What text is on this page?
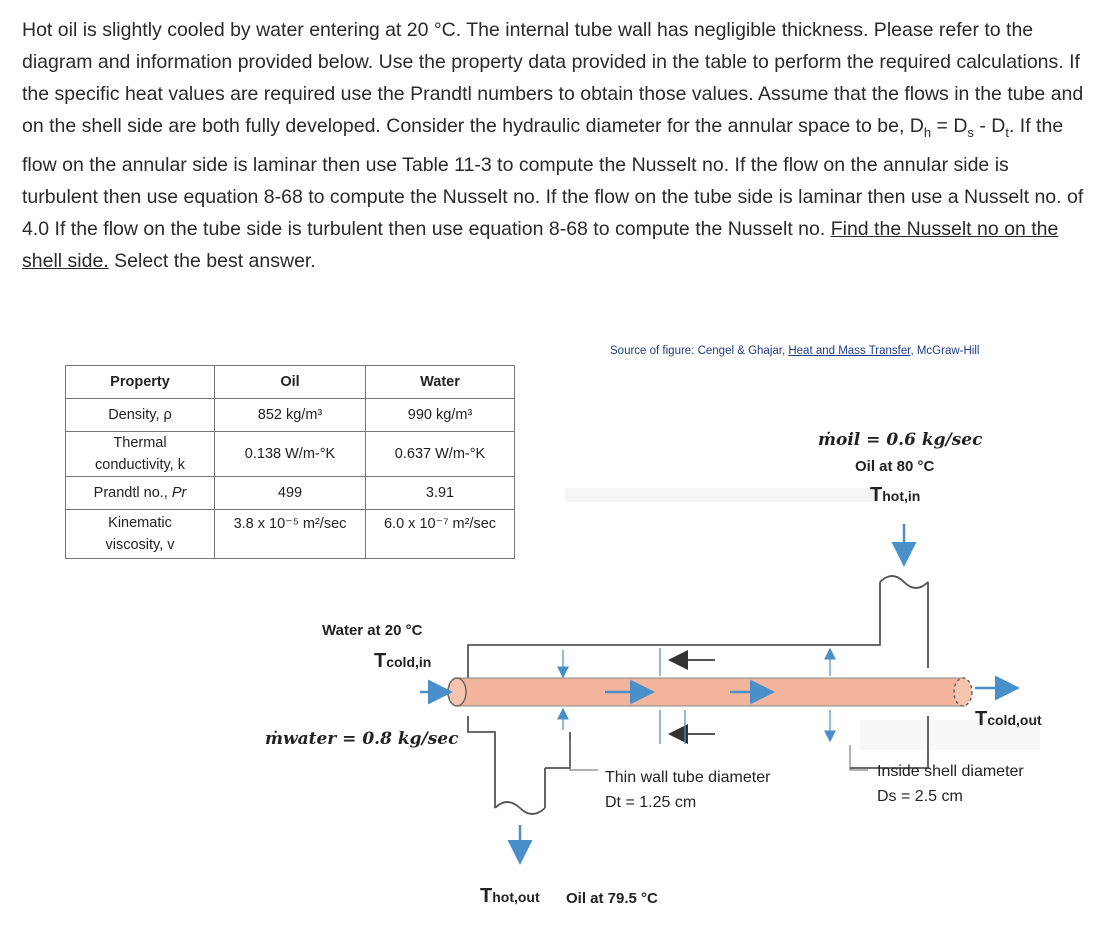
Hot oil is slightly cooled by water entering at 20 °C. The internal tube wall has negligible thickness. Please refer to the diagram and information provided below. Use the property data provided in the table to perform the required calculations. If the specific heat values are required use the Prandtl numbers to obtain those values. Assume that the flows in the tube and on the shell side are both fully developed. Consider the hydraulic diameter for the annular space to be, $D_h = D_s - D_t$. If the flow on the annular side is laminar then use Table 11-3 to compute the Nusselt no. If the flow on the annular side is turbulent then use equation 8-68 to compute the Nusselt no. If the flow on the tube side is laminar then use a Nusselt no. of 4.0 If the flow on the tube side is turbulent then use equation 8-68 to compute the Nusselt no. Find the Nusselt no on the shell side. Select the best answer.
Source of figure: Cengel & Ghajar, Heat and Mass Transfer, McGraw-Hill
Property	Oil	Water
Density, ρ	852 kg/m³	990 kg/m³
Thermal
conductivity, k	0.138 W/m-°K	0.637 W/m-°K
Prandtl no., Pr	499	3.91
Kinematic
viscosity, v	3.8 x 10⁻⁵ m²/sec	6.0 x 10⁻⁷ m²/sec
ṁoil = 0.6 kg/sec
Oil at 80 °C
Thot,in
Water at 20 °C
Tcold,in
ṁwater = 0.8 kg/sec
Tcold,out
Thin wall tube diameter
Dt = 1.25 cm
Inside shell diameter
Ds = 2.5 cm
Thot,out Oil at 79.5 °C
